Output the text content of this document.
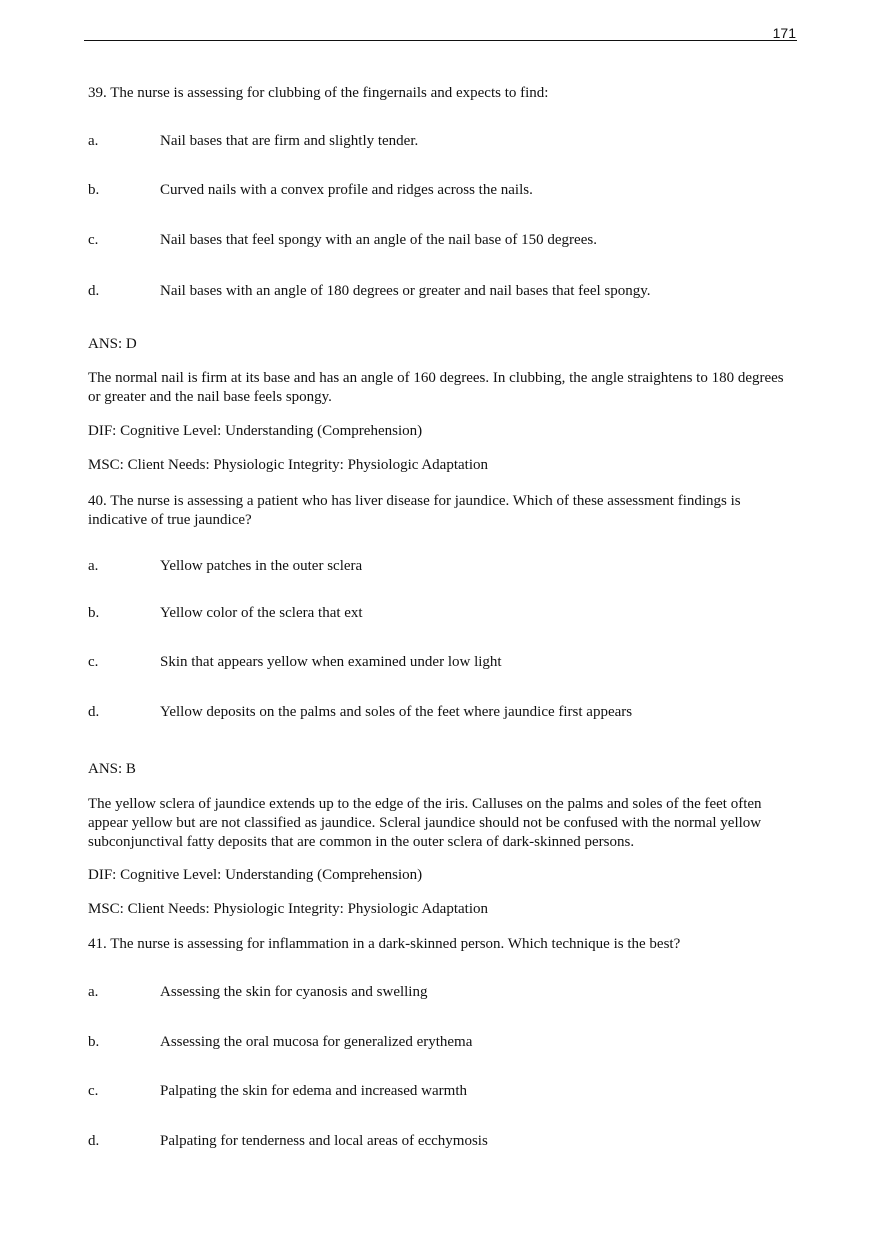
171
39. The nurse is assessing for clubbing of the fingernails and expects to find:
a.	Nail bases that are firm and slightly tender.
b.	Curved nails with a convex profile and ridges across the nails.
c.	Nail bases that feel spongy with an angle of the nail base of 150 degrees.
d.	Nail bases with an angle of 180 degrees or greater and nail bases that feel spongy.
ANS: D
The normal nail is firm at its base and has an angle of 160 degrees. In clubbing, the angle straightens to 180 degrees or greater and the nail base feels spongy.
DIF: Cognitive Level: Understanding (Comprehension)
MSC: Client Needs: Physiologic Integrity: Physiologic Adaptation
40. The nurse is assessing a patient who has liver disease for jaundice. Which of these assessment findings is indicative of true jaundice?
a.	Yellow patches in the outer sclera
b.	Yellow color of the sclera that ext
c.	Skin that appears yellow when examined under low light
d.	Yellow deposits on the palms and soles of the feet where jaundice first appears
ANS: B
The yellow sclera of jaundice extends up to the edge of the iris. Calluses on the palms and soles of the feet often appear yellow but are not classified as jaundice. Scleral jaundice should not be confused with the normal yellow subconjunctival fatty deposits that are common in the outer sclera of dark-skinned persons.
DIF: Cognitive Level: Understanding (Comprehension)
MSC: Client Needs: Physiologic Integrity: Physiologic Adaptation
41. The nurse is assessing for inflammation in a dark-skinned person. Which technique is the best?
a.	Assessing the skin for cyanosis and swelling
b.	Assessing the oral mucosa for generalized erythema
c.	Palpating the skin for edema and increased warmth
d.	Palpating for tenderness and local areas of ecchymosis
